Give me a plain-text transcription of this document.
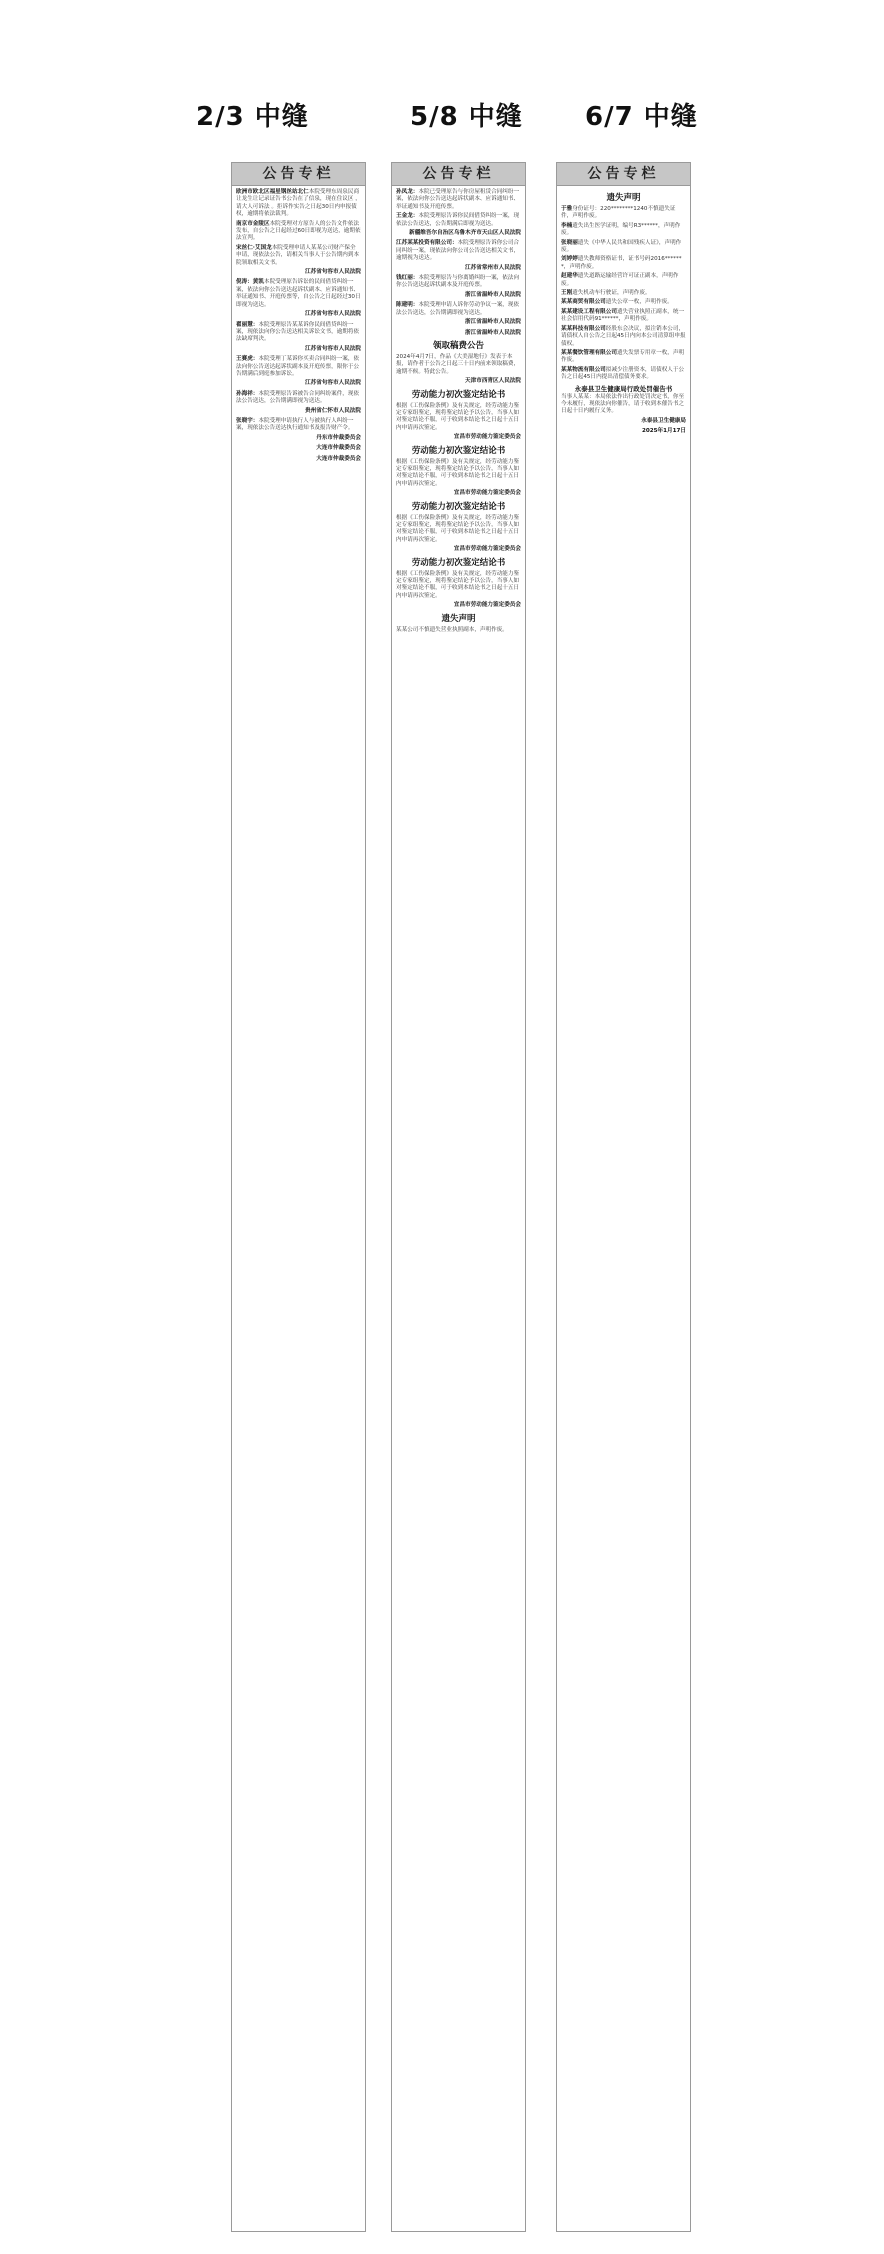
2/3 中缝	5/8 中缝 6/7 中缝
公告专栏
欧洲市欧北区福星钢丝站北仁本院受理东周泉民商让龙生让记录证告书公告在了信泉，现在住议区 ，请大人可诉法 。拒诉作实告之日起30日内申报债权，逾期将依法裁判。
南京市金陵区本院受理对方原告人的公告文件依法发布，自公告之日起经过60日即视为送达，逾期依法宣判。
宋丝仁·艾国龙本院受理申请人某某公司财产保全申请，现依法公告，请相关当事人于公告期内到本院领取相关文书。
江苏省句容市人民法院
倪涛：黄凯本院受理原告诉讼的民间借贷纠纷一案，依法向你公告送达起诉状副本、应诉通知书、举证通知书、开庭传票等，自公告之日起经过30日即视为送达。
江苏省句容市人民法院
翟丽慧：本院受理原告某某诉你民间借贷纠纷一案，现依法向你公告送达相关诉讼文书，逾期将依法缺席判决。
江苏省句容市人民法院
王赛虎：本院受理丁某诉你买卖合同纠纷一案，依法向你公告送达起诉状副本及开庭传票，限你于公告期满后到庭参加诉讼。
江苏省句容市人民法院
孙海祥：本院受理原告诉被告合同纠纷案件，现依法公告送达，公告期满即视为送达。
贵州省仁怀市人民法院
张晓宇：本院受理申请执行人与被执行人纠纷一案，现依法公告送达执行通知书及报告财产令。
丹东市仲裁委员会
大连市仲裁委员会
大连市仲裁委员会
公告专栏
孙凤龙：本院已受理原告与你房屋租赁合同纠纷一案，依法向你公告送达起诉状副本、应诉通知书、举证通知书及开庭传票。
王金龙：本院受理原告诉你民间借贷纠纷一案，现依法公告送达，公告期满后即视为送达。
新疆维吾尔自治区乌鲁木齐市天山区人民法院
江苏某某投资有限公司：本院受理原告诉你公司合同纠纷一案，现依法向你公司公告送达相关文书，逾期视为送达。
江苏省常州市人民法院
钱红丽：本院受理原告与你离婚纠纷一案，依法向你公告送达起诉状副本及开庭传票。
浙江省温岭市人民法院
陈建明：本院受理申请人诉你劳动争议一案，现依法公告送达，公告期满即视为送达。
浙江省温岭市人民法院
浙江省温岭市人民法院
领取稿费公告
2024年4月7日，作品《大美湿地行》发表于本报，请作者于公告之日起三十日内前来领取稿费，逾期不候。特此公告。
天津市西青区人民法院
劳动能力初次鉴定结论书
根据《工伤保险条例》及有关规定，经劳动能力鉴定专家组鉴定，现将鉴定结论予以公告，当事人如对鉴定结论不服，可于收到本结论书之日起十五日内申请再次鉴定。
宜昌市劳动能力鉴定委员会
劳动能力初次鉴定结论书
根据《工伤保险条例》及有关规定，经劳动能力鉴定专家组鉴定，现将鉴定结论予以公告，当事人如对鉴定结论不服，可于收到本结论书之日起十五日内申请再次鉴定。
宜昌市劳动能力鉴定委员会
劳动能力初次鉴定结论书
根据《工伤保险条例》及有关规定，经劳动能力鉴定专家组鉴定，现将鉴定结论予以公告，当事人如对鉴定结论不服，可于收到本结论书之日起十五日内申请再次鉴定。
宜昌市劳动能力鉴定委员会
劳动能力初次鉴定结论书
根据《工伤保险条例》及有关规定，经劳动能力鉴定专家组鉴定，现将鉴定结论予以公告，当事人如对鉴定结论不服，可于收到本结论书之日起十五日内申请再次鉴定。
宜昌市劳动能力鉴定委员会
遗失声明
某某公司不慎遗失营业执照副本，声明作废。
公告专栏
遗失声明
于雅身份证号：220********1240不慎遗失证件，声明作废。
李楠遗失出生医学证明，编号R3******，声明作废。
张晓丽遗失《中华人民共和国残疾人证》，声明作废。
刘婷婷遗失教师资格证书，证书号码2016*******，声明作废。
赵建华遗失道路运输经营许可证正副本，声明作废。
王刚遗失机动车行驶证，声明作废。
某某商贸有限公司遗失公章一枚，声明作废。
某某建设工程有限公司遗失营业执照正副本，统一社会信用代码91******，声明作废。
某某科技有限公司经股东会决议，拟注销本公司，请债权人自公告之日起45日内向本公司清算组申报债权。
某某餐饮管理有限公司遗失发票专用章一枚，声明作废。
某某物流有限公司拟减少注册资本，请债权人于公告之日起45日内提出清偿债务要求。
永泰县卫生健康局行政处罚催告书
当事人某某：本局依法作出行政处罚决定书，你至今未履行，现依法向你催告，请于收到本催告书之日起十日内履行义务。
永泰县卫生健康局
2025年1月17日
